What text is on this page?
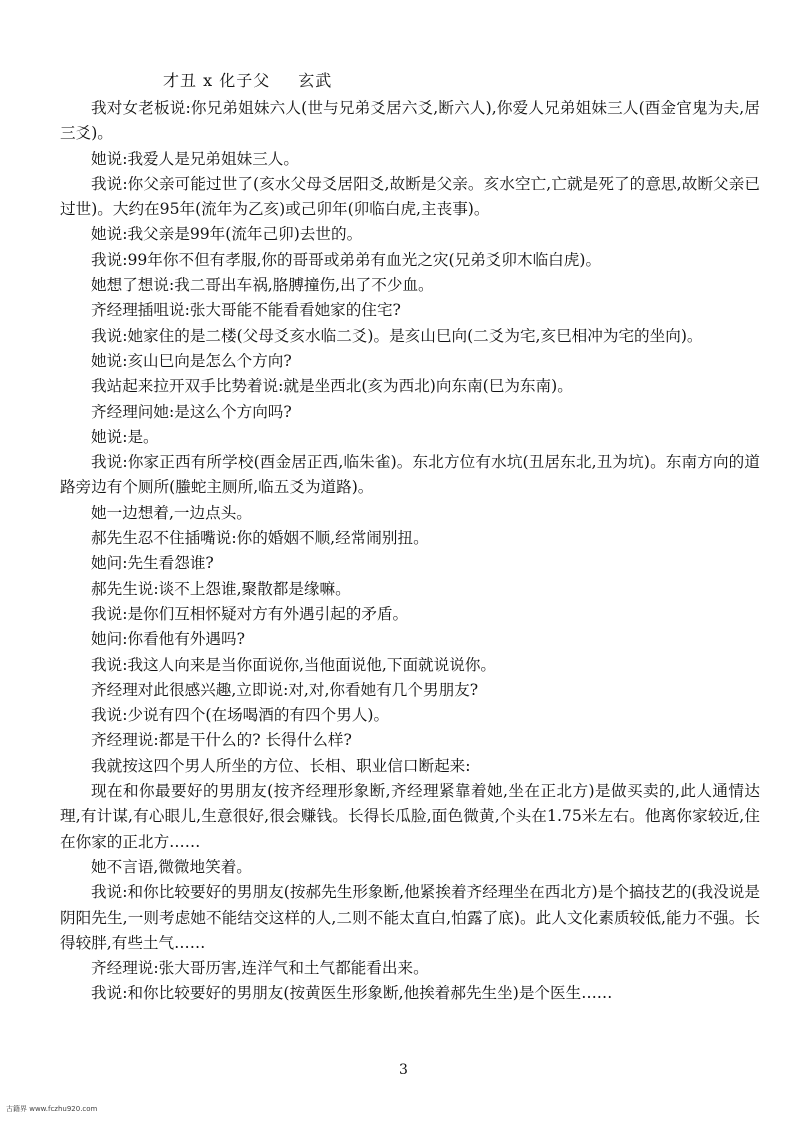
才丑 x 化子父 玄武

我对女老板说:你兄弟姐妹六人(世与兄弟爻居六爻,断六人),你爱人兄弟姐妹三人(酉金官鬼为夫,居三爻)。

她说:我爱人是兄弟姐妹三人。

我说:你父亲可能过世了(亥水父母爻居阳爻,故断是父亲。亥水空亡,亡就是死了的意思,故断父亲已过世)。大约在95年(流年为乙亥)或己卯年(卯临白虎,主丧事)。

她说:我父亲是99年(流年己卯)去世的。

我说:99年你不但有孝服,你的哥哥或弟弟有血光之灾(兄弟爻卯木临白虎)。

她想了想说:我二哥出车祸,胳膊撞伤,出了不少血。

齐经理插咀说:张大哥能不能看看她家的住宅?

我说:她家住的是二楼(父母爻亥水临二爻)。是亥山巳向(二爻为宅,亥巳相冲为宅的坐向)。

她说:亥山巳向是怎么个方向?

我站起来拉开双手比势着说:就是坐西北(亥为西北)向东南(巳为东南)。

齐经理问她:是这么个方向吗?

她说:是。

我说:你家正西有所学校(酉金居正西,临朱雀)。东北方位有水坑(丑居东北,丑为坑)。东南方向的道路旁边有个厕所(螣蛇主厕所,临五爻为道路)。

她一边想着,一边点头。

郝先生忍不住插嘴说:你的婚姻不顺,经常闹别扭。

她问:先生看怨谁?

郝先生说:谈不上怨谁,聚散都是缘嘛。

我说:是你们互相怀疑对方有外遇引起的矛盾。

她问:你看他有外遇吗?

我说:我这人向来是当你面说你,当他面说他,下面就说说你。

齐经理对此很感兴趣,立即说:对,对,你看她有几个男朋友?

我说:少说有四个(在场喝酒的有四个男人)。

齐经理说:都是干什么的? 长得什么样?

我就按这四个男人所坐的方位、长相、职业信口断起来:

现在和你最要好的男朋友(按齐经理形象断,齐经理紧靠着她,坐在正北方)是做买卖的,此人通情达理,有计谋,有心眼儿,生意很好,很会赚钱。长得长瓜脸,面色微黄,个头在1.75米左右。他离你家较近,住在你家的正北方……

她不言语,微微地笑着。

我说:和你比较要好的男朋友(按郝先生形象断,他紧挨着齐经理坐在西北方)是个搞技艺的(我没说是阴阳先生,一则考虑她不能结交这样的人,二则不能太直白,怕露了底)。此人文化素质较低,能力不强。长得较胖,有些土气……

齐经理说:张大哥历害,连洋气和土气都能看出来。

我说:和你比较要好的男朋友(按黄医生形象断,他挨着郝先生坐)是个医生……

3
古籍界 www.fczhu920.com
